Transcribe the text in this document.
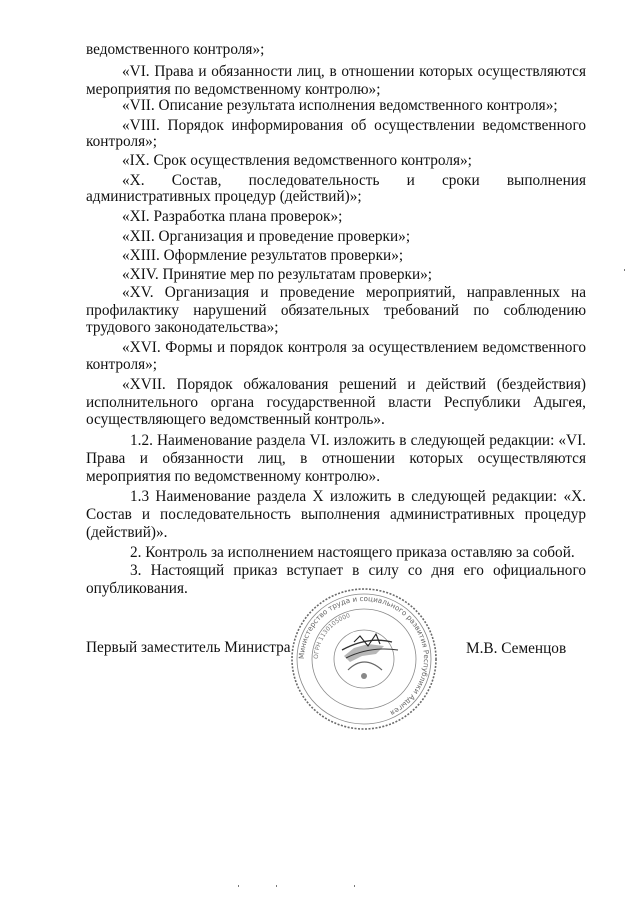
ведомственного контроля»;
«VI. Права и обязанности лиц, в отношении которых осуществляются
мероприятия по ведомственному контролю»;
«VII. Описание результата исполнения ведомственного контроля»;
«VIII. Порядок информирования об осуществлении ведомственного
контроля»;
«IX. Срок осуществления ведомственного контроля»;
«X. Состав, последовательность и сроки выполнения
административных процедур (действий)»;
«XI. Разработка плана проверок»;
«XII. Организация и проведение проверки»;
«XIII. Оформление результатов проверки»;
«XIV. Принятие мер по результатам проверки»;
«XV. Организация и проведение мероприятий, направленных на
профилактику нарушений обязательных требований по соблюдению
трудового законодательства»;
«XVI. Формы и порядок контроля за осуществлением ведомственного
контроля»;
«XVII. Порядок обжалования решений и действий (бездействия)
исполнительного органа государственной власти Республики Адыгея,
осуществляющего ведомственный контроль».
1.2. Наименование раздела VI. изложить в следующей редакции: «VI.
Права и обязанности лиц, в отношении которых осуществляются
мероприятия по ведомственному контролю».
1.3 Наименование раздела X изложить в следующей редакции: «X.
Состав и последовательность выполнения административных процедур
(действий)».
2. Контроль за исполнением настоящего приказа оставляю за собой.
3. Настоящий приказ вступает в силу со дня его официального
опубликования.
Первый заместитель Министра	М.В. Семенцов
Министерство труда и социального развития Республики Адыгея
ОГРН 1130105000
